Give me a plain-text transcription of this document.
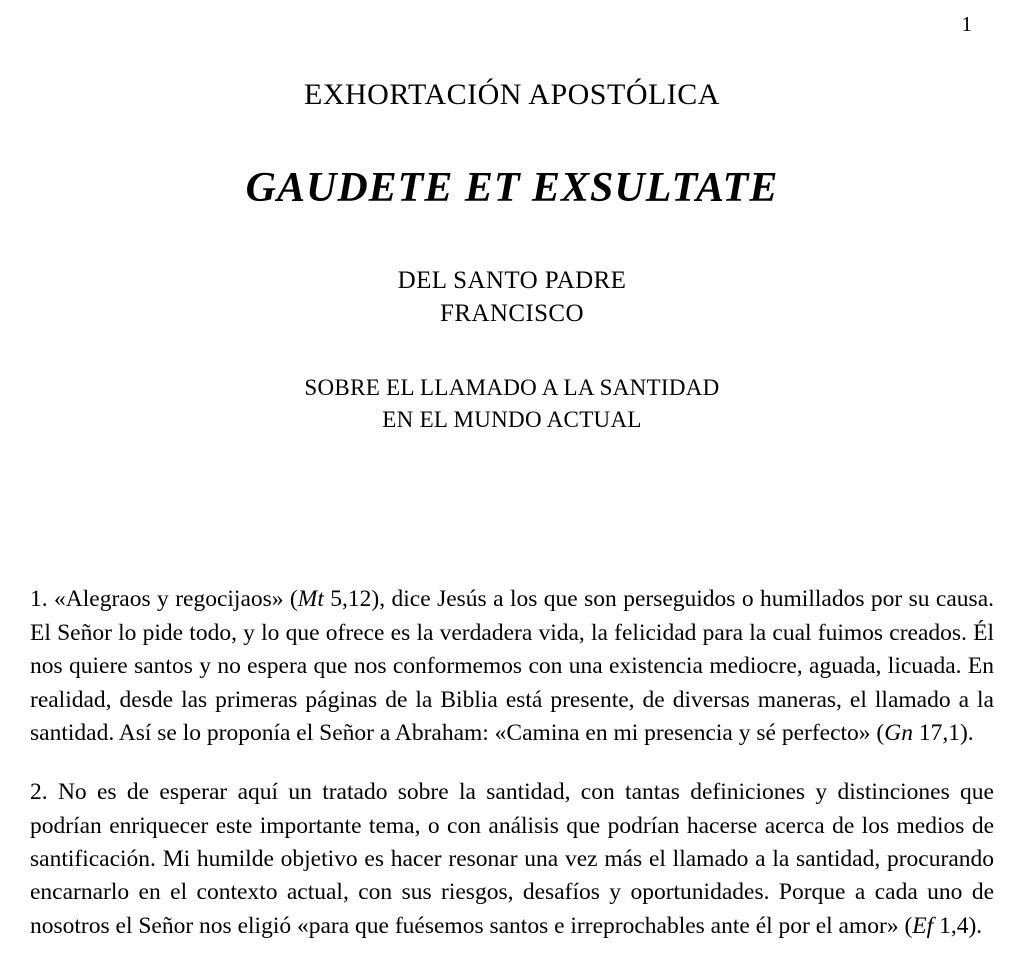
1
EXHORTACIÓN APOSTÓLICA
GAUDETE ET EXSULTATE
DEL SANTO PADRE
FRANCISCO
SOBRE EL LLAMADO A LA SANTIDAD
EN EL MUNDO ACTUAL

1. «Alegraos y regocijaos» (Mt 5,12), dice Jesús a los que son perseguidos o humillados por su causa. El Señor lo pide todo, y lo que ofrece es la verdadera vida, la felicidad para la cual fuimos creados. Él nos quiere santos y no espera que nos conformemos con una existencia mediocre, aguada, licuada. En realidad, desde las primeras páginas de la Biblia está presente, de diversas maneras, el llamado a la santidad. Así se lo proponía el Señor a Abraham: «Camina en mi presencia y sé perfecto» (Gn 17,1).

2. No es de esperar aquí un tratado sobre la santidad, con tantas definiciones y distinciones que podrían enriquecer este importante tema, o con análisis que podrían hacerse acerca de los medios de santificación. Mi humilde objetivo es hacer resonar una vez más el llamado a la santidad, procurando encarnarlo en el contexto actual, con sus riesgos, desafíos y oportunidades. Porque a cada uno de nosotros el Señor nos eligió «para que fuésemos santos e irreprochables ante él por el amor» (Ef 1,4).
